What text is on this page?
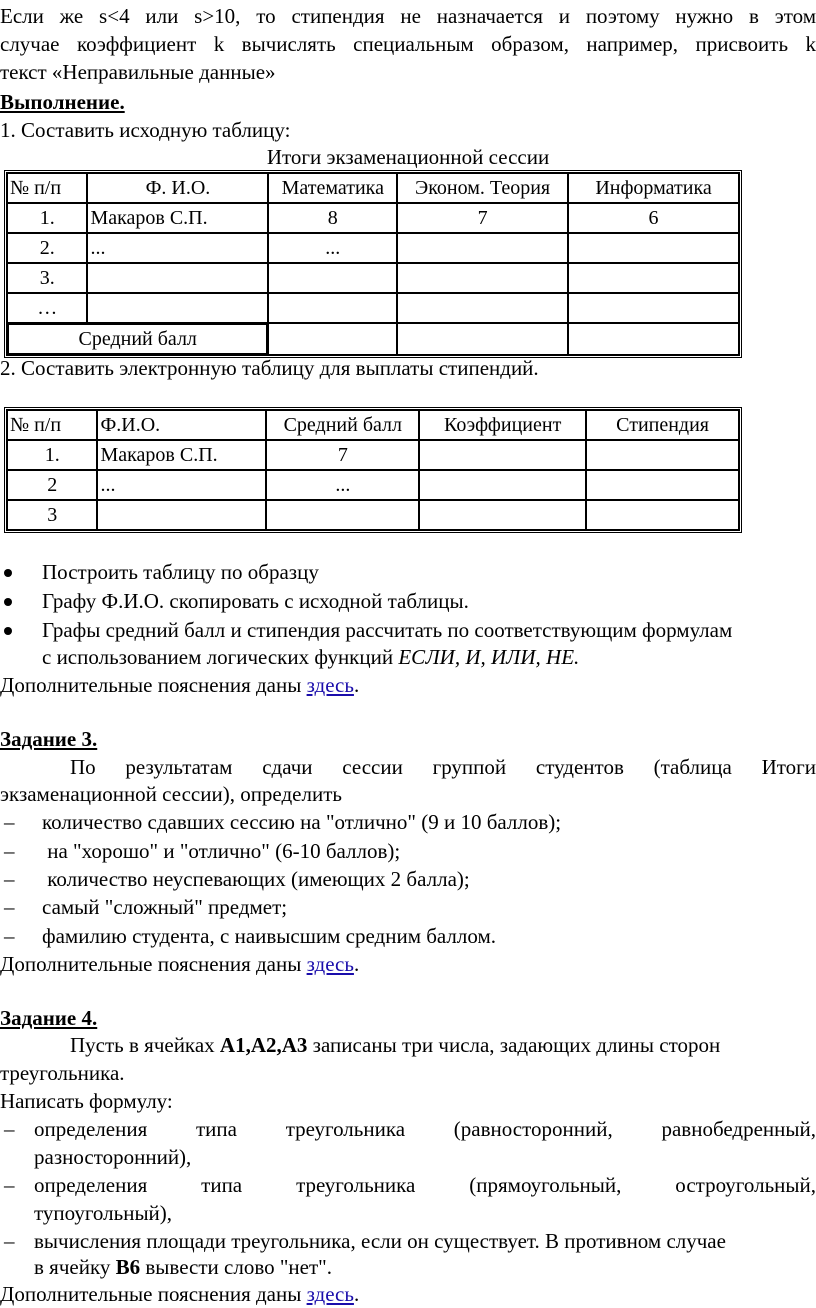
Если же s<4 или s>10, то стипендия не назначается и поэтому нужно в этом
случае коэффициент k вычислять специальным образом, например, присвоить k
текст «Неправильные данные»
Выполнение.
1. Составить исходную таблицу:
Итоги экзаменационной сессии
№ п/п	Ф. И.О.	Математика	Эконом. Теория	Информатика
1.	Макаров С.П.	8	7	6
2.	...	...		
3.				
…				
Средний балл				
2. Составить электронную таблицу для выплаты стипендий.
№ п/п	Ф.И.О.	Средний балл	Коэффициент	Стипендия
1.	Макаров С.П.	7		
2	...	...		
3				
Построить таблицу по образцу
Графу Ф.И.О. скопировать с исходной таблицы.
Графы средний балл и стипендия рассчитать по соответствующим формулам
с использованием логических функций ЕСЛИ, И, ИЛИ, НЕ.
Дополнительные пояснения даны здесь.
Задание 3.
По результатам сдачи сессии группой студентов (таблица Итоги
экзаменационной сессии), определить
– количество сдавших сессию на "отлично" (9 и 10 баллов);
– на "хорошо" и "отлично" (6-10 баллов);
– количество неуспевающих (имеющих 2 балла);
– самый "сложный" предмет;
– фамилию студента, с наивысшим средним баллом.
Дополнительные пояснения даны здесь.
Задание 4.
Пусть в ячейках А1,А2,А3 записаны три числа, задающих длины сторон
треугольника.
Написать формулу:
– определения типа треугольника (равносторонний, равнобедренный,
разносторонний),
– определения типа треугольника (прямоугольный, остроугольный,
тупоугольный),
– вычисления площади треугольника, если он существует. В противном случае
в ячейку В6 вывести слово "нет".
Дополнительные пояснения даны здесь.
